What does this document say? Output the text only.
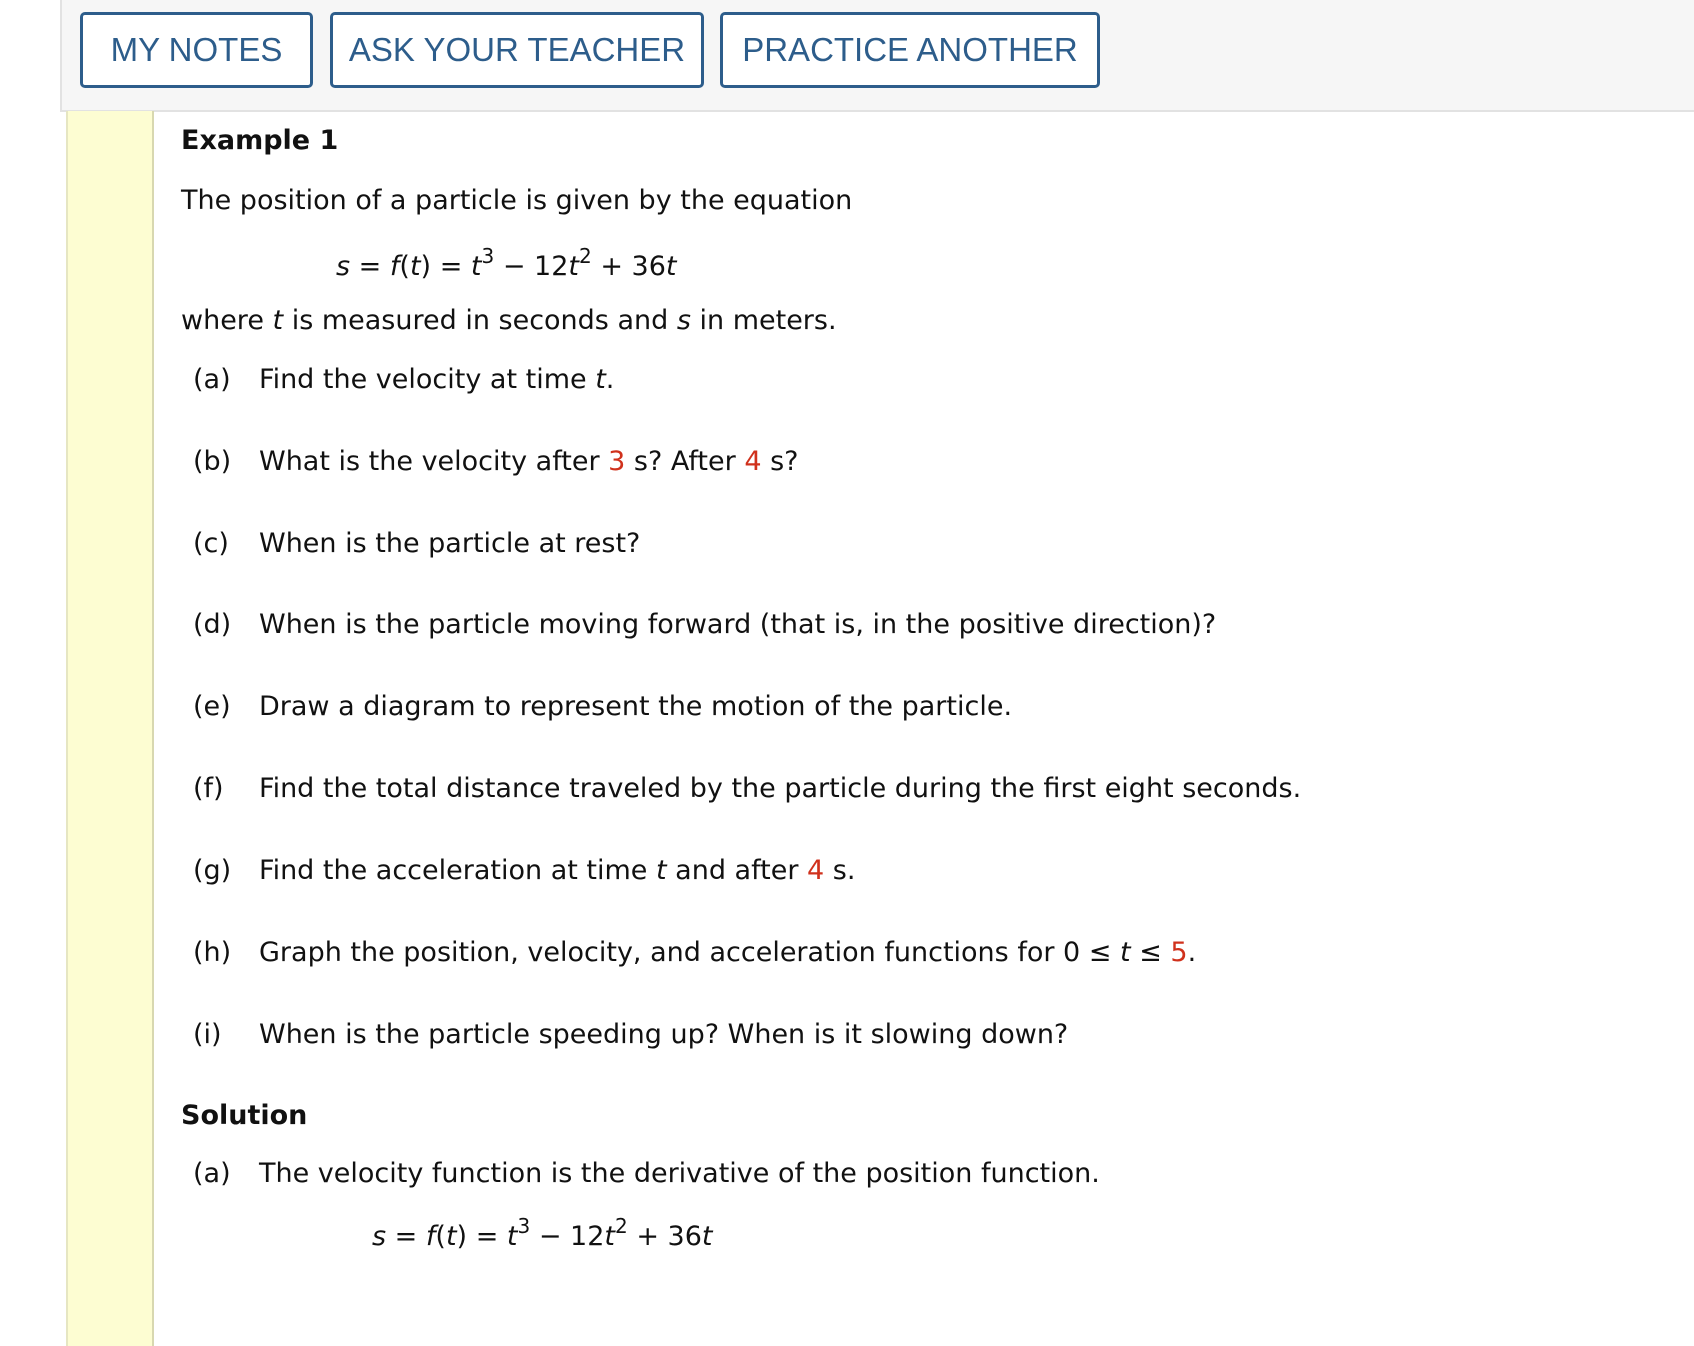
MY NOTES	ASK YOUR TEACHER	PRACTICE ANOTHER
Example 1
The position of a particle is given by the equation
$s = f(t) = t^3 - 12t^2 + 36t$
where t is measured in seconds and s in meters.
(a) Find the velocity at time t.
(b) What is the velocity after 3 s? After 4 s?
(c) When is the particle at rest?
(d) When is the particle moving forward (that is, in the positive direction)?
(e) Draw a diagram to represent the motion of the particle.
(f) Find the total distance traveled by the particle during the first eight seconds.
(g) Find the acceleration at time t and after 4 s.
(h) Graph the position, velocity, and acceleration functions for 0 ≤ t ≤ 5.
(i) When is the particle speeding up? When is it slowing down?
Solution
(a) The velocity function is the derivative of the position function.
$s = f(t) = t^3 - 12t^2 + 36t$
